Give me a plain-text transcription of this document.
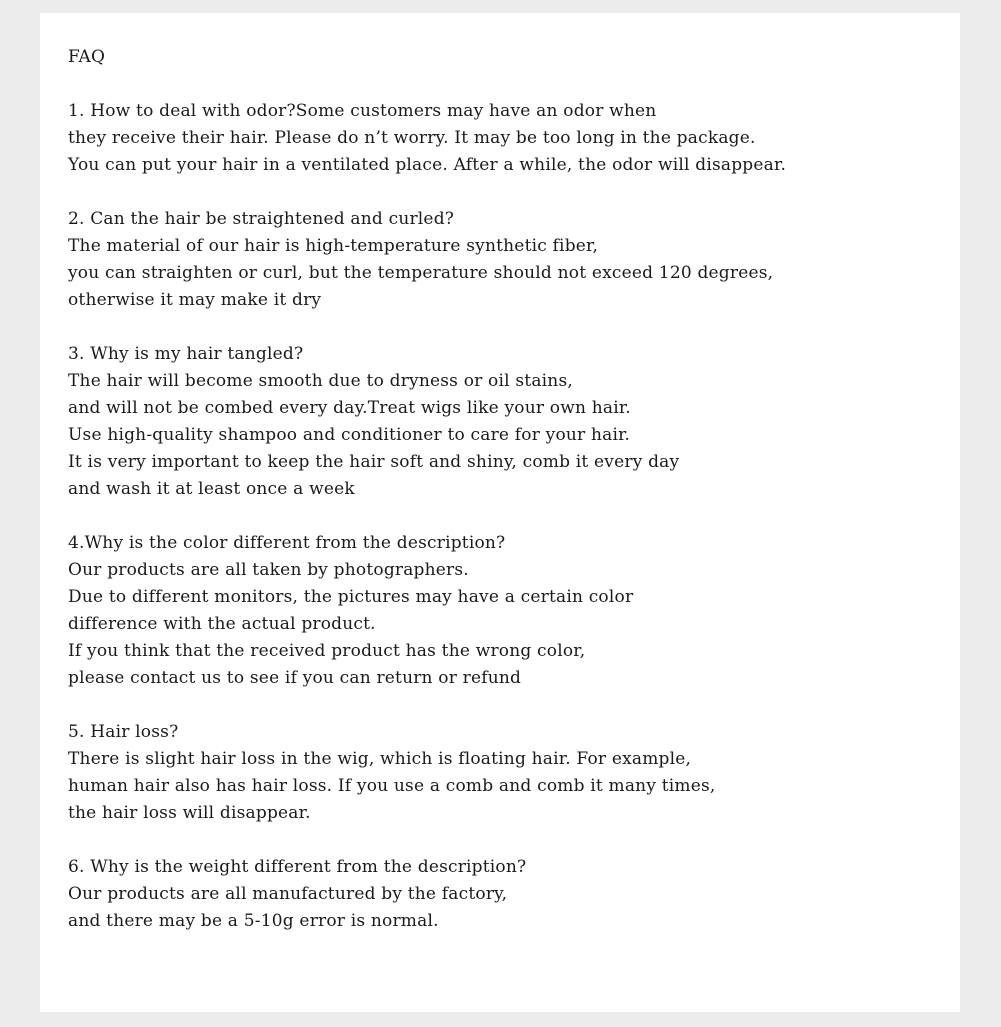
FAQ
1. How to deal with odor?Some customers may have an odor when
they receive their hair. Please do n’t worry. It may be too long in the package.
You can put your hair in a ventilated place. After a while, the odor will disappear.
2. Can the hair be straightened and curled?
The material of our hair is high-temperature synthetic fiber,
you can straighten or curl, but the temperature should not exceed 120 degrees,
otherwise it may make it dry
3. Why is my hair tangled?
The hair will become smooth due to dryness or oil stains,
and will not be combed every day.Treat wigs like your own hair.
Use high-quality shampoo and conditioner to care for your hair.
It is very important to keep the hair soft and shiny, comb it every day
and wash it at least once a week
4.Why is the color different from the description?
Our products are all taken by photographers.
Due to different monitors, the pictures may have a certain color
difference with the actual product.
If you think that the received product has the wrong color,
please contact us to see if you can return or refund
5. Hair loss?
There is slight hair loss in the wig, which is floating hair. For example,
human hair also has hair loss. If you use a comb and comb it many times,
the hair loss will disappear.
6. Why is the weight different from the description?
Our products are all manufactured by the factory,
and there may be a 5-10g error is normal.
